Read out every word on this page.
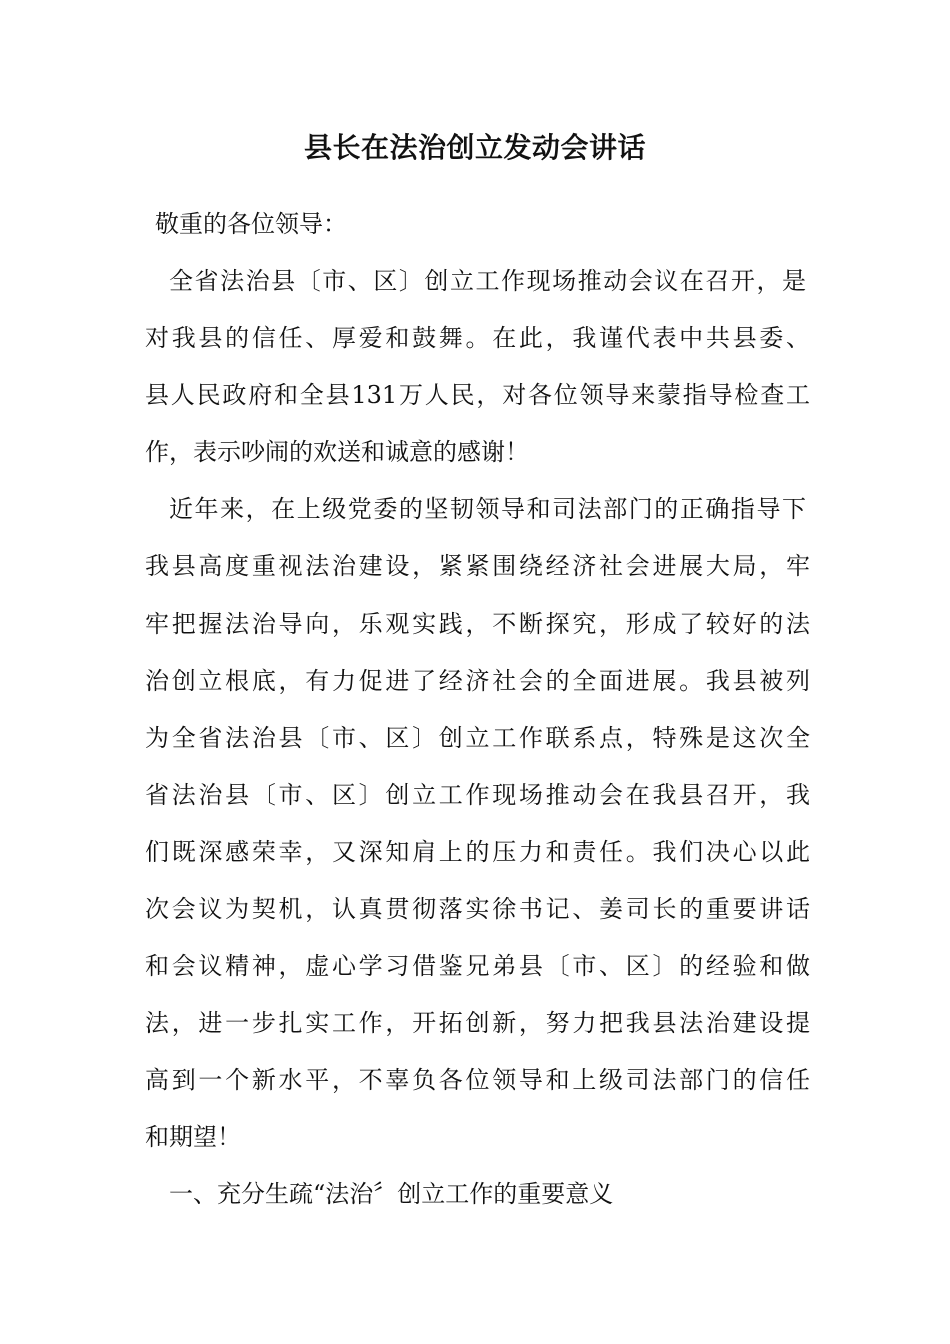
县长在法治创立发动会讲话
敬重的各位领导：
全省法治县〔市、区〕创立工作现场推动会议在召开，是
对我县的信任、厚爱和鼓舞。在此，我谨代表中共县委、
县人民政府和全县131万人民，对各位领导来蒙指导检查工
作，表示吵闹的欢送和诚意的感谢！
近年来，在上级党委的坚韧领导和司法部门的正确指导下
我县高度重视法治建设，紧紧围绕经济社会进展大局，牢
牢把握法治导向，乐观实践，不断探究，形成了较好的法
治创立根底，有力促进了经济社会的全面进展。我县被列
为全省法治县〔市、区〕创立工作联系点，特殊是这次全
省法治县〔市、区〕创立工作现场推动会在我县召开，我
们既深感荣幸，又深知肩上的压力和责任。我们决心以此
次会议为契机，认真贯彻落实徐书记、姜司长的重要讲话
和会议精神，虚心学习借鉴兄弟县〔市、区〕的经验和做
法，进一步扎实工作，开拓创新，努力把我县法治建设提
高到一个新水平，不辜负各位领导和上级司法部门的信任
和期望！
一、充分生疏“法治〞创立工作的重要意义
